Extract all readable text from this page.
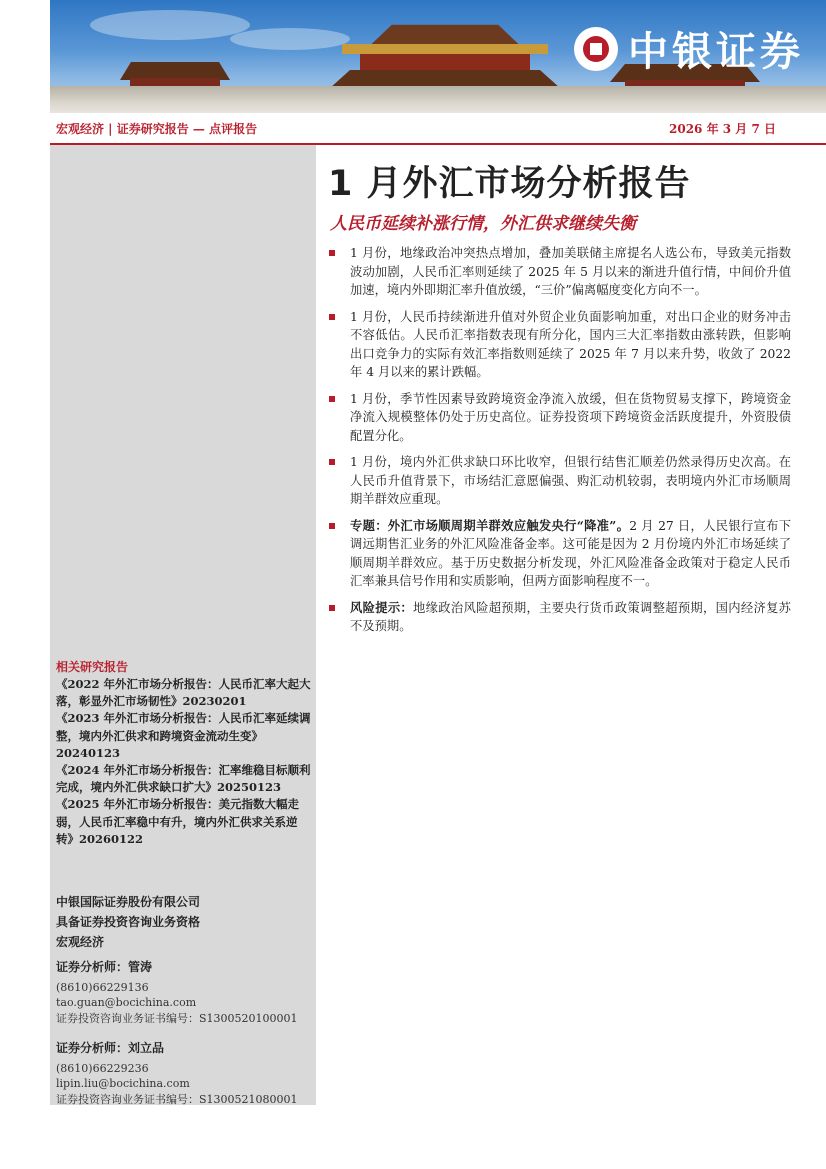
中银证券
宏观经济 | 证券研究报告 — 点评报告	2026 年 3 月 7 日
相关研究报告

《2022 年外汇市场分析报告：人民币汇率大起大落，彰显外汇市场韧性》20230201

《2023 年外汇市场分析报告：人民币汇率延续调整，境内外汇供求和跨境资金流动生变》20240123

《2024 年外汇市场分析报告：汇率维稳目标顺利完成，境内外汇供求缺口扩大》20250123

《2025 年外汇市场分析报告：美元指数大幅走弱，人民币汇率稳中有升，境内外汇供求关系逆转》20260122

中银国际证券股份有限公司
具备证券投资咨询业务资格
宏观经济
证券分析师：管涛
(8610)66229136
tao.guan@bocichina.com
证券投资咨询业务证书编号：S1300520100001
证券分析师：刘立品
(8610)66229236
lipin.liu@bocichina.com
证券投资咨询业务证书编号：S1300521080001
1 月外汇市场分析报告
人民币延续补涨行情，外汇供求继续失衡
1 月份，地缘政治冲突热点增加，叠加美联储主席提名人选公布，导致美元指数波动加剧，人民币汇率则延续了 2025 年 5 月以来的渐进升值行情，中间价升值加速，境内外即期汇率升值放缓，“三价”偏离幅度变化方向不一。
1 月份，人民币持续渐进升值对外贸企业负面影响加重，对出口企业的财务冲击不容低估。人民币汇率指数表现有所分化，国内三大汇率指数由涨转跌，但影响出口竞争力的实际有效汇率指数则延续了 2025 年 7 月以来升势，收敛了 2022 年 4 月以来的累计跌幅。
1 月份，季节性因素导致跨境资金净流入放缓，但在货物贸易支撑下，跨境资金净流入规模整体仍处于历史高位。证券投资项下跨境资金活跃度提升，外资股债配置分化。
1 月份，境内外汇供求缺口环比收窄，但银行结售汇顺差仍然录得历史次高。在人民币升值背景下，市场结汇意愿偏强、购汇动机较弱，表明境内外汇市场顺周期羊群效应重现。
专题：外汇市场顺周期羊群效应触发央行“降准”。2 月 27 日，人民银行宣布下调远期售汇业务的外汇风险准备金率。这可能是因为 2 月份境内外汇市场延续了顺周期羊群效应。基于历史数据分析发现，外汇风险准备金政策对于稳定人民币汇率兼具信号作用和实质影响，但两方面影响程度不一。
风险提示：地缘政治风险超预期，主要央行货币政策调整超预期，国内经济复苏不及预期。
